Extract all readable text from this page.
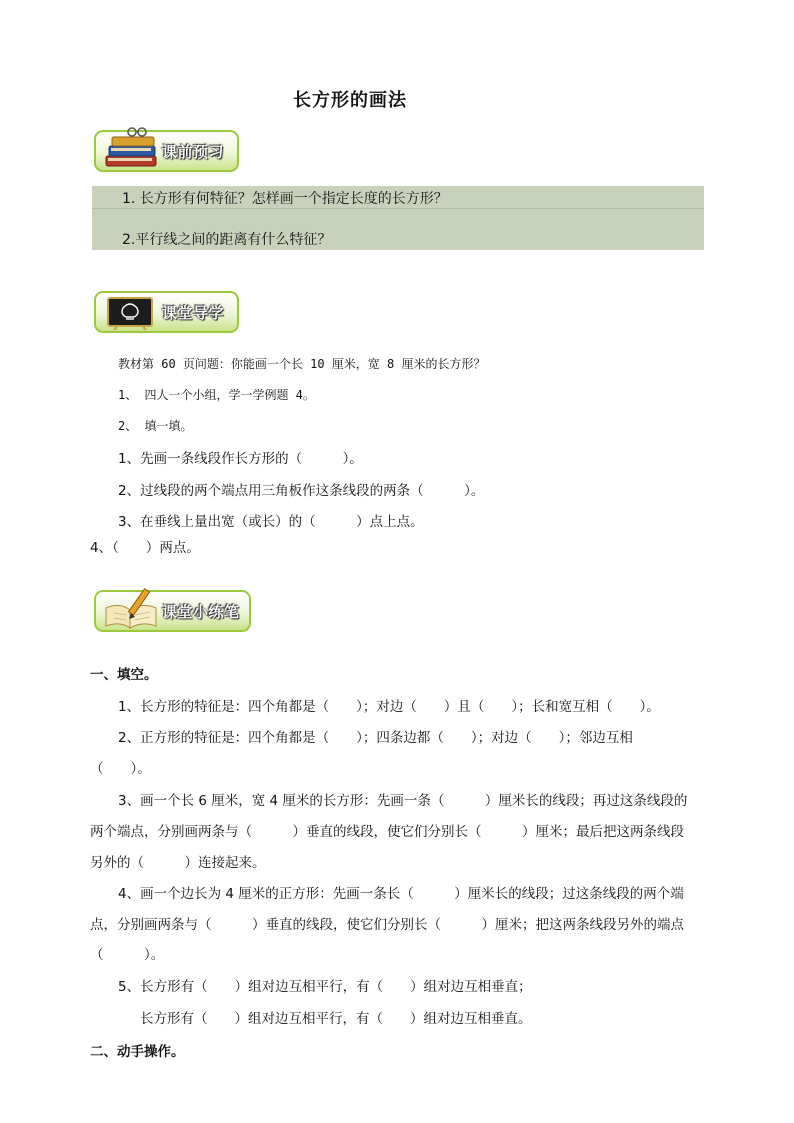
长方形的画法
课前预习
1. 长方形有何特征？怎样画一个指定长度的长方形？
2.平行线之间的距离有什么特征？
课堂导学
教材第 60 页问题：你能画一个长 10 厘米，宽 8 厘米的长方形？
1、 四人一个小组，学一学例题 4。
2、 填一填。
1、先画一条线段作长方形的（　　　）。
2、过线段的两个端点用三角板作这条线段的两条（　　　）。
3、在垂线上量出宽（或长）的（　　　）点上点。
4、（　　）两点。
课堂小练笔
一、填空。
1、长方形的特征是：四个角都是（　　）；对边（　　）且（　　）；长和宽互相（　　）。
2、正方形的特征是：四个角都是（　　）；四条边都（　　）；对边（　　）；邻边互相
（　　）。
3、画一个长 6 厘米，宽 4 厘米的长方形：先画一条（　　　）厘米长的线段；再过这条线段的
两个端点，分别画两条与（　　　）垂直的线段，使它们分别长（　　　）厘米；最后把这两条线段
另外的（　　　）连接起来。
4、画一个边长为 4 厘米的正方形：先画一条长（　　　）厘米长的线段；过这条线段的两个端
点，分别画两条与（　　　）垂直的线段，使它们分别长（　　　）厘米；把这两条线段另外的端点
（　　　）。
5、长方形有（　　）组对边互相平行，有（　　）组对边互相垂直；
长方形有（　　）组对边互相平行，有（　　）组对边互相垂直。
二、动手操作。
